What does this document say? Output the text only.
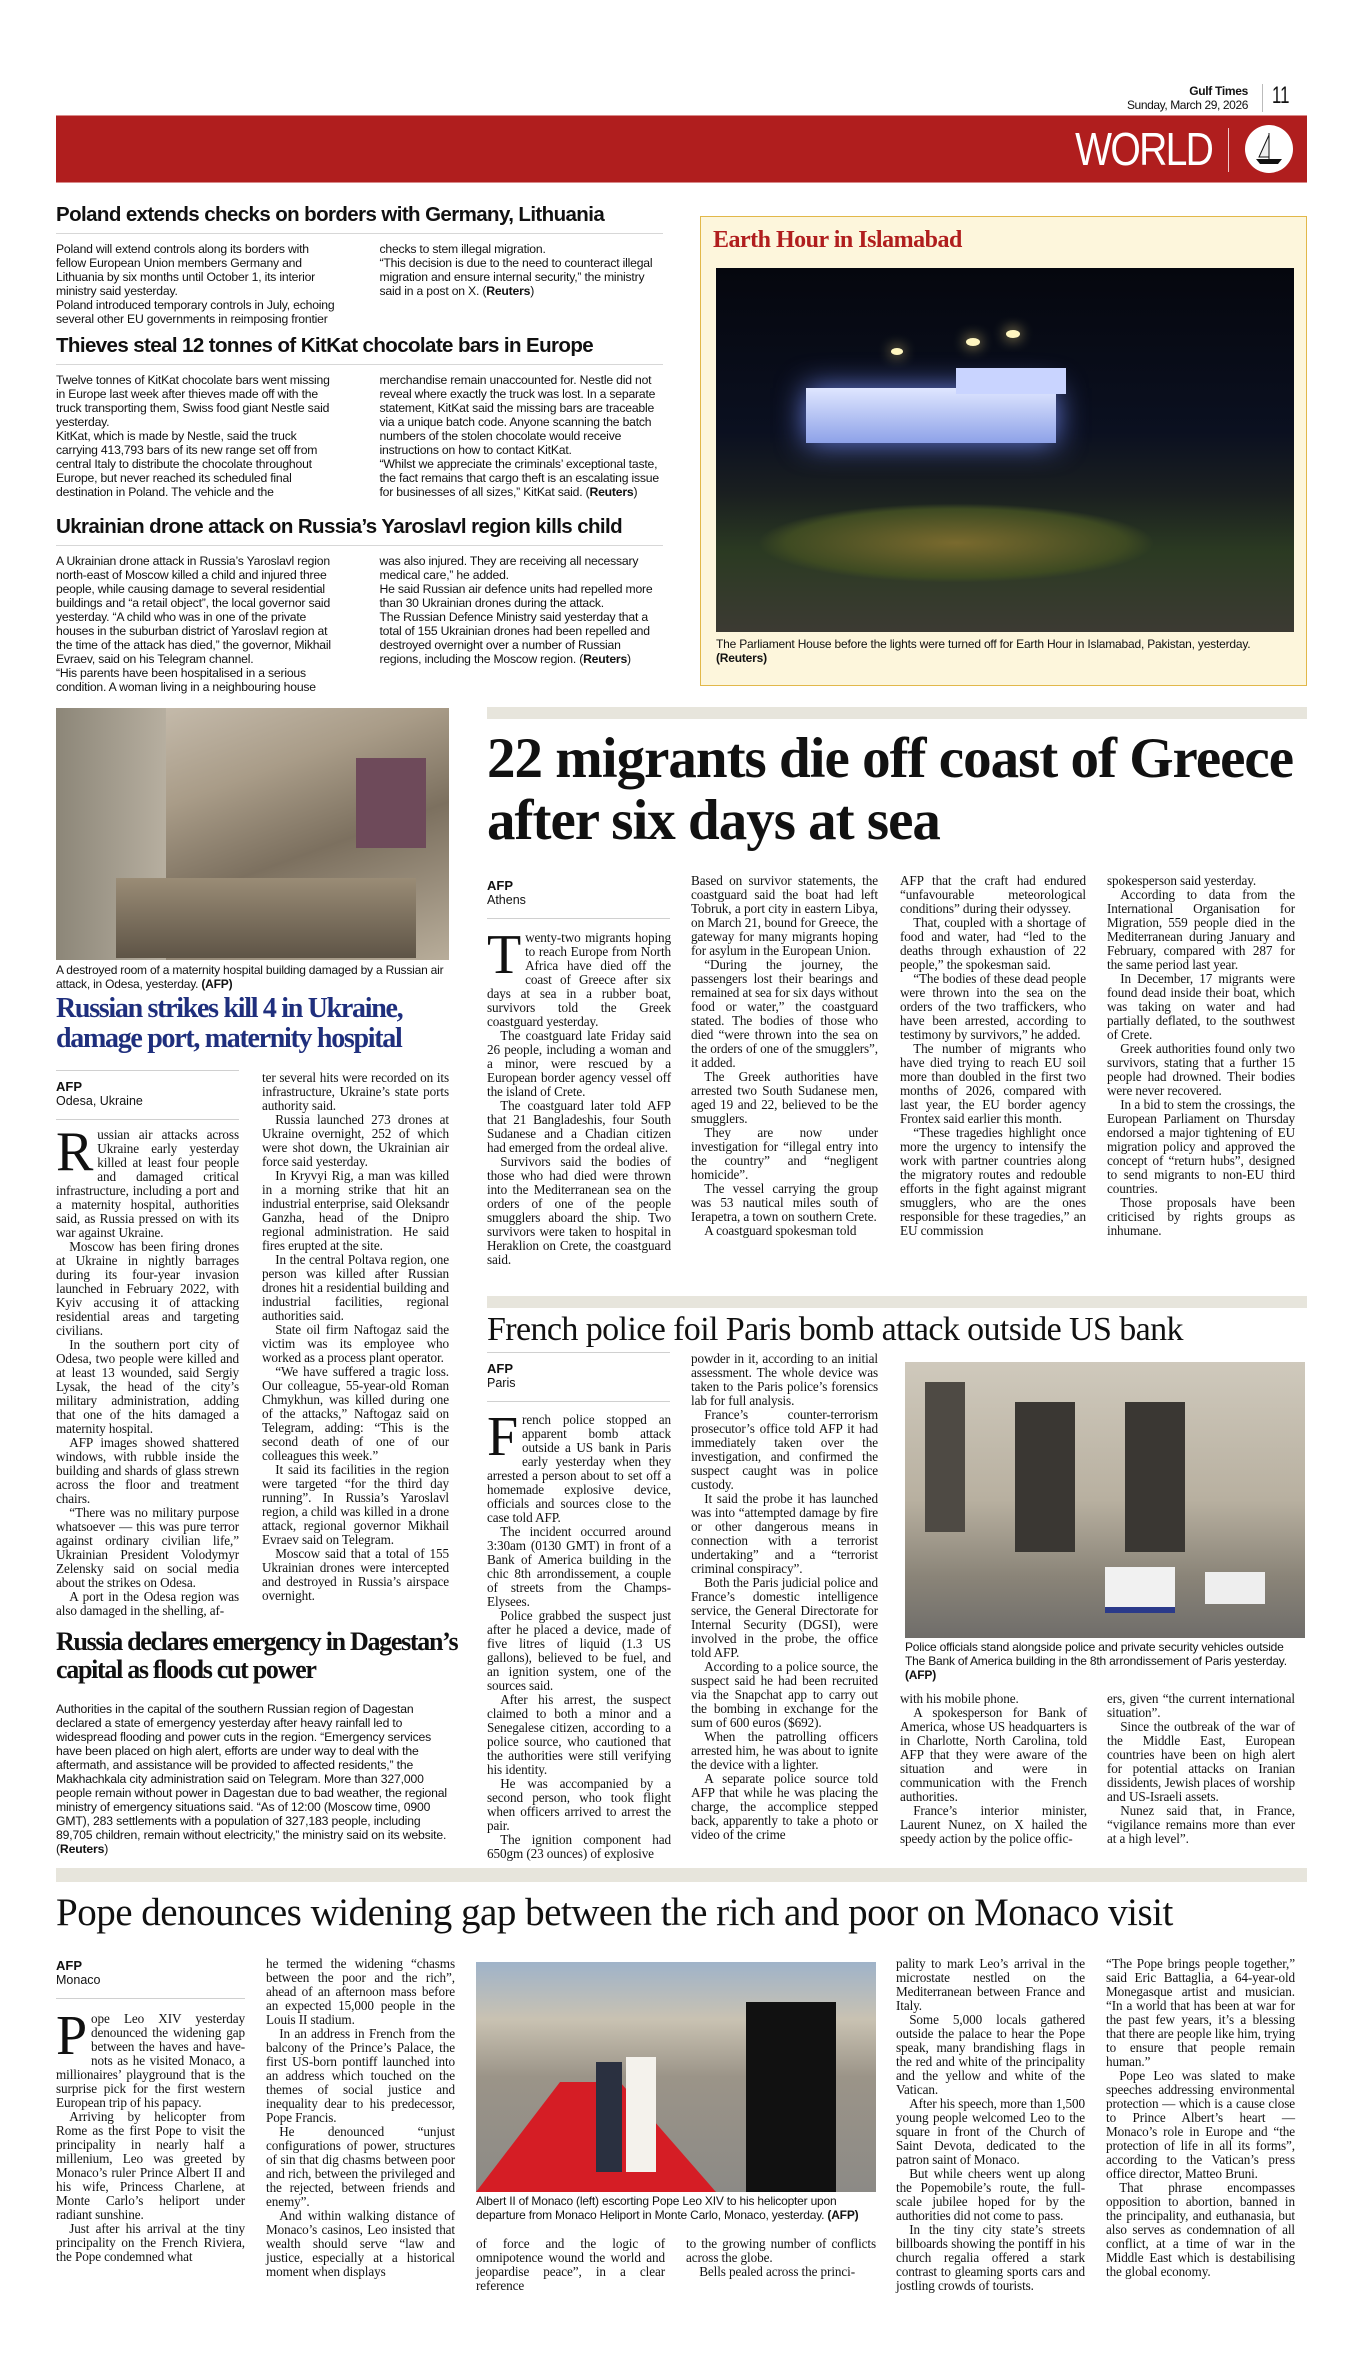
Gulf Times
Sunday, March 29, 2026 11
WORLD
Poland extends checks on borders with Germany, Lithuania

Poland will extend controls along its borders with fellow European Union members Germany and Lithuania by six months until October 1, its interior ministry said yesterday.

Poland introduced temporary controls in July, echoing several other EU governments in reimposing frontier checks to stem illegal migration.

“This decision is due to the need to counteract illegal migration and ensure internal security,” the ministry said in a post on X. (Reuters)

Thieves steal 12 tonnes of KitKat chocolate bars in Europe

Twelve tonnes of KitKat chocolate bars went missing in Europe last week after thieves made off with the truck transporting them, Swiss food giant Nestle said yesterday.

KitKat, which is made by Nestle, said the truck carrying 413,793 bars of its new range set off from central Italy to distribute the chocolate throughout Europe, but never reached its scheduled final destination in Poland. The vehicle and the merchandise remain unaccounted for. Nestle did not reveal where exactly the truck was lost. In a separate statement, KitKat said the missing bars are traceable via a unique batch code. Anyone scanning the batch numbers of the stolen chocolate would receive instructions on how to contact KitKat.

“Whilst we appreciate the criminals’ exceptional taste, the fact remains that cargo theft is an escalating issue for businesses of all sizes,” KitKat said. (Reuters)

Ukrainian drone attack on Russia’s Yaroslavl region kills child

A Ukrainian drone attack in Russia’s Yaroslavl region north-east of Moscow killed a child and injured three people, while causing damage to several residential buildings and “a retail object”, the local governor said yesterday. “A child who was in one of the private houses in the suburban district of Yaroslavl region at the time of the attack has died,” the governor, Mikhail Evraev, said on his Telegram channel.

“His parents have been hospitalised in a serious condition. A woman living in a neighbouring house was also injured. They are receiving all necessary medical care,” he added.

He said Russian air defence units had repelled more than 30 Ukrainian drones during the attack.

The Russian Defence Ministry said yesterday that a total of 155 Ukrainian drones had been repelled and destroyed overnight over a number of Russian regions, including the Moscow region. (Reuters)

Earth Hour in Islamabad
The Parliament House before the lights were turned off for Earth Hour in Islamabad, Pakistan, yesterday. (Reuters)
A destroyed room of a maternity hospital building damaged by a Russian air attack, in Odesa, yesterday. (AFP)
Russian strikes kill 4 in Ukraine, damage port, maternity hospital
AFP
Odesa, Ukraine

Russian air attacks across Ukraine early yesterday killed at least four people and damaged critical infrastructure, including a port and a maternity hospital, authorities said, as Russia pressed on with its war against Ukraine.

Moscow has been firing drones at Ukraine in nightly barrages during its four-year invasion launched in February 2022, with Kyiv accusing it of attacking residential areas and targeting civilians.

In the southern port city of Odesa, two people were killed and at least 13 wounded, said Sergiy Lysak, the head of the city’s military administration, adding that one of the hits damaged a maternity hospital.

AFP images showed shattered windows, with rubble inside the building and shards of glass strewn across the floor and treatment chairs.

“There was no military purpose whatsoever — this was pure terror against ordinary civilian life,” Ukrainian President Volodymyr Zelensky said on social media about the strikes on Odesa.

A port in the Odesa region was also damaged in the shelling, af-

ter several hits were recorded on its infrastructure, Ukraine’s state ports authority said.

Russia launched 273 drones at Ukraine overnight, 252 of which were shot down, the Ukrainian air force said yesterday.

In Kryvyi Rig, a man was killed in a morning strike that hit an industrial enterprise, said Oleksandr Ganzha, head of the Dnipro regional administration. He said fires erupted at the site.

In the central Poltava region, one person was killed after Russian drones hit a residential building and industrial facilities, regional authorities said.

State oil firm Naftogaz said the victim was its employee who worked as a process plant operator.

“We have suffered a tragic loss. Our colleague, 55-year-old Roman Chmykhun, was killed during one of the attacks,” Naftogaz said on Telegram, adding: “This is the second death of one of our colleagues this week.”

It said its facilities in the region were targeted “for the third day running”. In Russia’s Yaroslavl region, a child was killed in a drone attack, regional governor Mikhail Evraev said on Telegram.

Moscow said that a total of 155 Ukrainian drones were intercepted and destroyed in Russia’s airspace overnight.

Russia declares emergency in Dagestan’s capital as floods cut power

Authorities in the capital of the southern Russian region of Dagestan declared a state of emergency yesterday after heavy rainfall led to widespread flooding and power cuts in the region. “Emergency services have been placed on high alert, efforts are under way to deal with the aftermath, and assistance will be provided to affected residents,” the Makhachkala city administration said on Telegram. More than 327,000 people remain without power in Dagestan due to bad weather, the regional ministry of emergency situations said. “As of 12:00 (Moscow time, 0900 GMT), 283 settlements with a population of 327,183 people, including 89,705 children, remain without electricity,” the ministry said on its website. (Reuters)

22 migrants die off coast of Greece after six days at sea
AFP
Athens

Twenty-two migrants hoping to reach Europe from North Africa have died off the coast of Greece after six days at sea in a rubber boat, survivors told the Greek coastguard yesterday.

The coastguard late Friday said 26 people, including a woman and a minor, were rescued by a European border agency vessel off the island of Crete.

The coastguard later told AFP that 21 Bangladeshis, four South Sudanese and a Chadian citizen had emerged from the ordeal alive.

Survivors said the bodies of those who had died were thrown into the Mediterranean sea on the orders of one of the people smugglers aboard the ship. Two survivors were taken to hospital in Heraklion on Crete, the coastguard said.

Based on survivor statements, the coastguard said the boat had left Tobruk, a port city in eastern Libya, on March 21, bound for Greece, the gateway for many migrants hoping for asylum in the European Union.

“During the journey, the passengers lost their bearings and remained at sea for six days without food or water,” the coastguard stated. The bodies of those who died “were thrown into the sea on the orders of one of the smugglers”, it added.

The Greek authorities have arrested two South Sudanese men, aged 19 and 22, believed to be the smugglers.

They are now under investigation for “illegal entry into the country” and “negligent homicide”.

The vessel carrying the group was 53 nautical miles south of Ierapetra, a town on southern Crete.

A coastguard spokesman told

AFP that the craft had endured “unfavourable meteorological conditions” during their odyssey.

That, coupled with a shortage of food and water, had “led to the deaths through exhaustion of 22 people,” the spokesman said.

“The bodies of these dead people were thrown into the sea on the orders of the two traffickers, who have been arrested, according to testimony by survivors,” he added.

The number of migrants who have died trying to reach EU soil more than doubled in the first two months of 2026, compared with last year, the EU border agency Frontex said earlier this month.

“These tragedies highlight once more the urgency to intensify the work with partner countries along the migratory routes and redouble efforts in the fight against migrant smugglers, who are the ones responsible for these tragedies,” an EU commission

spokesperson said yesterday.

According to data from the International Organisation for Migration, 559 people died in the Mediterranean during January and February, compared with 287 for the same period last year.

In December, 17 migrants were found dead inside their boat, which was taking on water and had partially deflated, to the southwest of Crete.

Greek authorities found only two survivors, stating that a further 15 people had drowned. Their bodies were never recovered.

In a bid to stem the crossings, the European Parliament on Thursday endorsed a major tightening of EU migration policy and approved the concept of “return hubs”, designed to send migrants to non-EU third countries.

Those proposals have been criticised by rights groups as inhumane.

French police foil Paris bomb attack outside US bank
AFP
Paris

French police stopped an apparent bomb attack outside a US bank in Paris early yesterday when they arrested a person about to set off a homemade explosive device, officials and sources close to the case told AFP.

The incident occurred around 3:30am (0130 GMT) in front of a Bank of America building in the chic 8th arrondissement, a couple of streets from the Champs-Elysees.

Police grabbed the suspect just after he placed a device, made of five litres of liquid (1.3 US gallons), believed to be fuel, and an ignition system, one of the sources said.

After his arrest, the suspect claimed to both a minor and a Senegalese citizen, according to a police source, who cautioned that the authorities were still verifying his identity.

He was accompanied by a second person, who took flight when officers arrived to arrest the pair.

The ignition component had 650gm (23 ounces) of explosive

powder in it, according to an initial assessment. The whole device was taken to the Paris police’s forensics lab for full analysis.

France’s counter-terrorism prosecutor’s office told AFP it had immediately taken over the investigation, and confirmed the suspect caught was in police custody.

It said the probe it has launched was into “attempted damage by fire or other dangerous means in connection with a terrorist undertaking” and a “terrorist criminal conspiracy”.

Both the Paris judicial police and France’s domestic intelligence service, the General Directorate for Internal Security (DGSI), were involved in the probe, the office told AFP.

According to a police source, the suspect said he had been recruited via the Snapchat app to carry out the bombing in exchange for the sum of 600 euros ($692).

When the patrolling officers arrested him, he was about to ignite the device with a lighter.

A separate police source told AFP that while he was placing the charge, the accomplice stepped back, apparently to take a photo or video of the crime

Police officials stand alongside police and private security vehicles outside The Bank of America building in the 8th arrondissement of Paris yesterday. (AFP)

with his mobile phone.

A spokesperson for Bank of America, whose US headquarters is in Charlotte, North Carolina, told AFP that they were aware of the situation and were in communication with the French authorities.

France’s interior minister, Laurent Nunez, on X hailed the speedy action by the police offic-

ers, given “the current international situation”.

Since the outbreak of the war of the Middle East, European countries have been on high alert for potential attacks on Iranian dissidents, Jewish places of worship and US-Israeli assets.

Nunez said that, in France, “vigilance remains more than ever at a high level”.

Pope denounces widening gap between the rich and poor on Monaco visit
AFP
Monaco

Pope Leo XIV yesterday denounced the widening gap between the haves and have-nots as he visited Monaco, a millionaires’ playground that is the surprise pick for the first western European trip of his papacy.

Arriving by helicopter from Rome as the first Pope to visit the principality in nearly half a millenium, Leo was greeted by Monaco’s ruler Prince Albert II and his wife, Princess Charlene, at Monte Carlo’s heliport under radiant sunshine.

Just after his arrival at the tiny principality on the French Riviera, the Pope condemned what

he termed the widening “chasms between the poor and the rich”, ahead of an afternoon mass before an expected 15,000 people in the Louis II stadium.

In an address in French from the balcony of the Prince’s Palace, the first US-born pontiff launched into an address which touched on the themes of social justice and inequality dear to his predecessor, Pope Francis.

He denounced “unjust configurations of power, structures of sin that dig chasms between poor and rich, between the privileged and the rejected, between friends and enemy”.

And within walking distance of Monaco’s casinos, Leo insisted that wealth should serve “law and justice, especially at a historical moment when displays

Albert II of Monaco (left) escorting Pope Leo XIV to his helicopter upon departure from Monaco Heliport in Monte Carlo, Monaco, yesterday. (AFP)

of force and the logic of omnipotence wound the world and jeopardise peace”, in a clear reference

to the growing number of conflicts across the globe.

Bells pealed across the princi-

pality to mark Leo’s arrival in the microstate nestled on the Mediterranean between France and Italy.

Some 5,000 locals gathered outside the palace to hear the Pope speak, many brandishing flags in the red and white of the principality and the yellow and white of the Vatican.

After his speech, more than 1,500 young people welcomed Leo to the square in front of the Church of Saint Devota, dedicated to the patron saint of Monaco.

But while cheers went up along the Popemobile’s route, the full-scale jubilee hoped for by the authorities did not come to pass.

In the tiny city state’s streets billboards showing the pontiff in his church regalia offered a stark contrast to gleaming sports cars and jostling crowds of tourists.

“The Pope brings people together,” said Eric Battaglia, a 64-year-old Monegasque artist and musician. “In a world that has been at war for the past few years, it’s a blessing that there are people like him, trying to ensure that people remain human.”

Pope Leo was slated to make speeches addressing environmental protection — which is a cause close to Prince Albert’s heart — Monaco’s role in Europe and “the protection of life in all its forms”, according to the Vatican’s press office director, Matteo Bruni.

That phrase encompasses opposition to abortion, banned in the principality, and euthanasia, but also serves as condemnation of all conflict, at a time of war in the Middle East which is destabilising the global economy.
